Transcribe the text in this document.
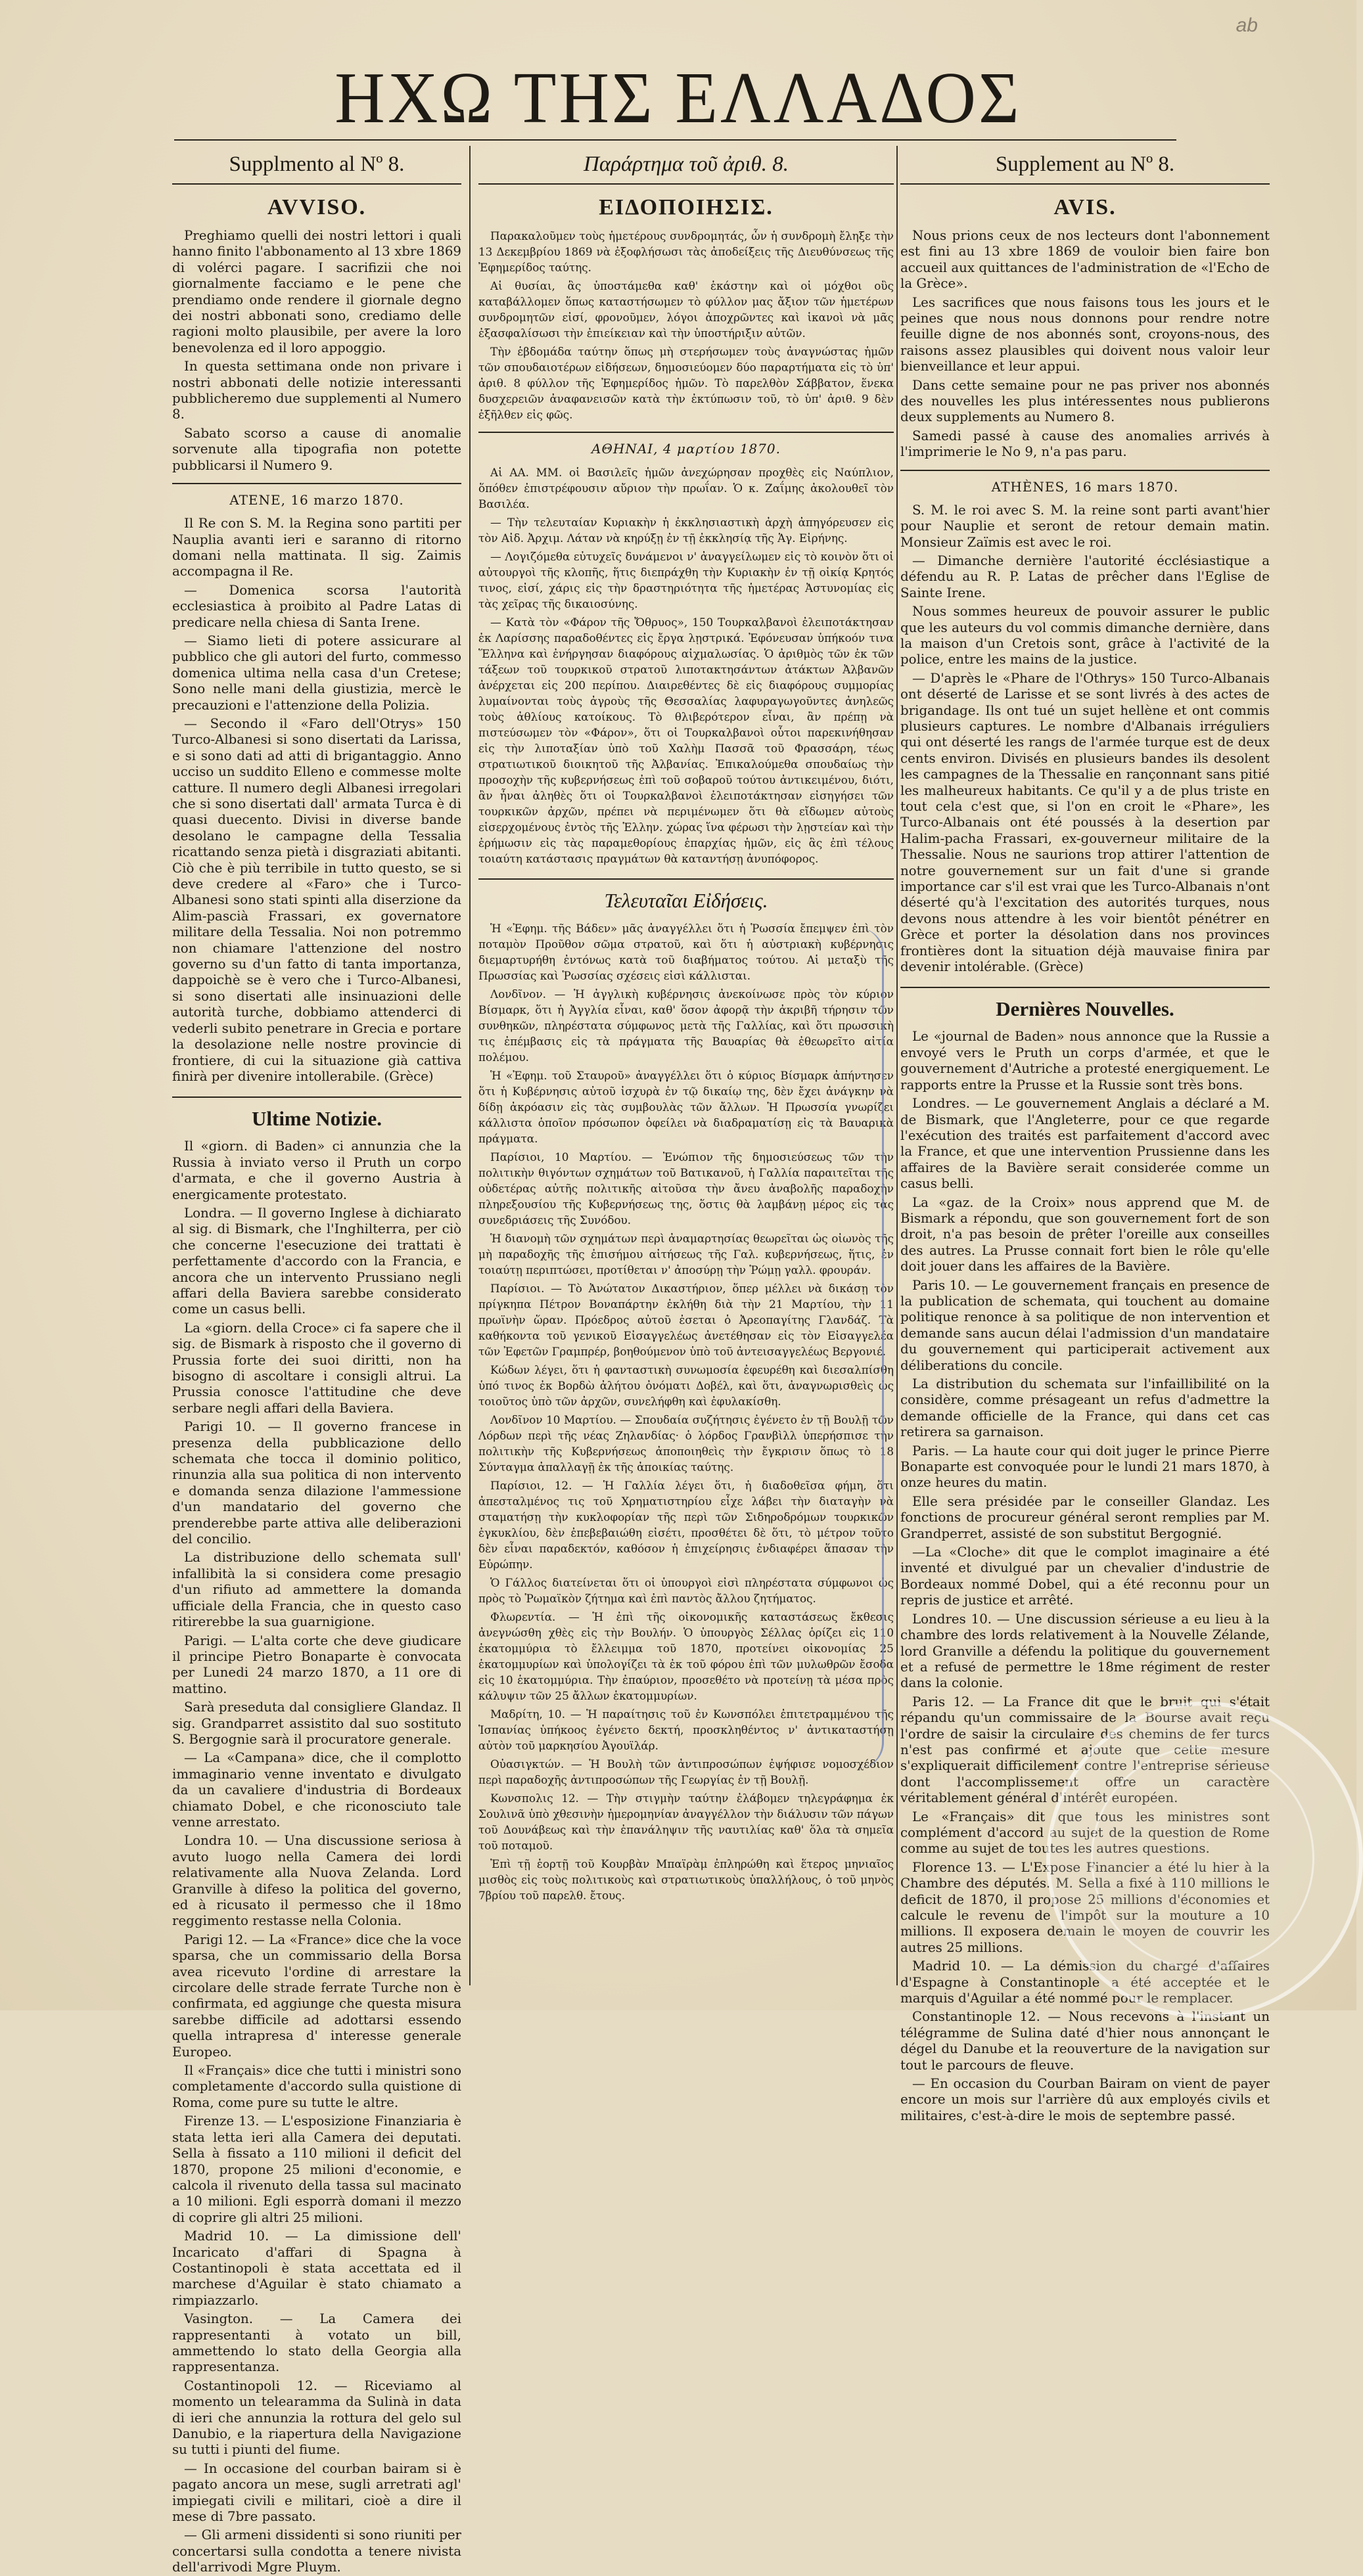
ab
ΗΧΩ ΤΗΣ ΕΛΛΑΔΟΣ
Supplmento al Nº 8.
AVVISO.

Preghiamo quelli dei nostri lettori i quali hanno finito l'abbonamento al 13 xbre 1869 di volérci pagare. I sacrifizii che noi giornalmente facciamo e le pene che prendiamo onde rendere il giornale degno dei nostri abbonati sono, crediamo delle ragioni molto plausibile, per avere la loro benevolenza ed il loro appoggio.

In questa settimana onde non privare i nostri abbonati delle notizie interessanti pubblicheremo due supplementi al Numero 8.

Sabato scorso a cause di anomalie sorvenute alla tipografia non potette pubblicarsi il Numero 9.

ATENE, 16 marzo 1870.

Il Re con S. M. la Regina sono partiti per Nauplia avanti ieri e saranno di ritorno domani nella mattinata. Il sig. Zaimis accompagna il Re.

— Domenica scorsa l'autorità ecclesiastica à proibito al Padre Latas di predicare nella chiesa di Santa Irene.

— Siamo lieti di potere assicurare al pubblico che gli autori del furto, commesso domenica ultima nella casa d'un Cretese; Sono nelle mani della giustizia, mercè le precauzioni e l'attenzione della Polizia.

— Secondo il «Faro dell'Otrys» 150 Turco-Albanesi si sono disertati da Larissa, e si sono dati ad atti di brigantaggio. Anno ucciso un suddito Elleno e commesse molte catture. Il numero degli Albanesi irregolari che si sono disertati dall' armata Turca è di quasi duecento. Divisi in diverse bande desolano le campagne della Tessalia ricattando senza pietà i disgraziati abitanti. Ciò che è più terribile in tutto questo, se si deve credere al «Faro» che i Turco-Albanesi sono stati spinti alla diserzione da Alim-pascià Frassari, ex governatore militare della Tessalia. Noi non potremmo non chiamare l'attenzione del nostro governo su d'un fatto di tanta importanza, dappoichè se è vero che i Turco-Albanesi, si sono disertati alle insinuazioni delle autorità turche, dobbiamo attenderci di vederli subito penetrare in Grecia e portare la desolazione nelle nostre provincie di frontiere, di cui la situazione già cattiva finirà per divenire intollerabile. (Grèce)

Ultime Notizie.

Il «giorn. di Baden» ci annunzia che la Russia à inviato verso il Pruth un corpo d'armata, e che il governo Austria à energicamente protestato.

Londra. — Il governo Inglese à dichiarato al sig. di Bismark, che l'Inghilterra, per ciò che concerne l'esecuzione dei trattati è perfettamente d'accordo con la Francia, e ancora che un intervento Prussiano negli affari della Baviera sarebbe considerato come un casus belli.

La «giorn. della Croce» ci fa sapere che il sig. de Bismark à risposto che il governo di Prussia forte dei suoi diritti, non ha bisogno di ascoltare i consigli altrui. La Prussia conosce l'attitudine che deve serbare negli affari della Baviera.

Parigi 10. — Il governo francese in presenza della pubblicazione dello schemata che tocca il dominio politico, rinunzia alla sua politica di non intervento e domanda senza dilazione l'ammessione d'un mandatario del governo che prenderebbe parte attiva alle deliberazioni del concilio.

La distribuzione dello schemata sull' infallibità la si considera come presagio d'un rifiuto ad ammettere la domanda ufficiale della Francia, che in questo caso ritirerebbe la sua guarnigione.

Parigi. — L'alta corte che deve giudicare il principe Pietro Bonaparte è convocata per Lunedi 24 marzo 1870, a 11 ore di mattino.

Sarà preseduta dal consigliere Glandaz. Il sig. Grandparret assistito dal suo sostituto S. Bergognie sarà il procuratore generale.

— La «Campana» dice, che il complotto immaginario venne inventato e divulgato da un cavaliere d'industria di Bordeaux chiamato Dobel, e che riconosciuto tale venne arrestato.

Londra 10. — Una discussione seriosa à avuto luogo nella Camera dei lordi relativamente alla Nuova Zelanda. Lord Granville à difeso la politica del governo, ed à ricusato il permesso che il 18mo reggimento restasse nella Colonia.

Parigi 12. — La «France» dice che la voce sparsa, che un commissario della Borsa avea ricevuto l'ordine di arrestare la circolare delle strade ferrate Turche non è confirmata, ed aggiunge che questa misura sarebbe difficile ad adottarsi essendo quella intrapresa d' interesse generale Europeo.

Il «Français» dice che tutti i ministri sono completamente d'accordo sulla quistione di Roma, come pure su tutte le altre.

Firenze 13. — L'esposizione Finanziaria è stata letta ieri alla Camera dei deputati. Sella à fissato a 110 milioni il deficit del 1870, propone 25 milioni d'economie, e calcola il rivenuto della tassa sul macinato a 10 milioni. Egli esporrà domani il mezzo di coprire gli altri 25 milioni.

Madrid 10. — La dimissione dell' Incaricato d'affari di Spagna à Costantinopoli è stata accettata ed il marchese d'Aguilar è stato chiamato a rimpiazzarlo.

Vasington. — La Camera dei rappresentanti à votato un bill, ammettendo lo stato della Georgia alla rappresentanza.

Costantinopoli 12. — Riceviamo al momento un telearamma da Sulinà in data di ieri che annunzia la rottura del gelo sul Danubio, e la riapertura della Navigazione su tutti i piunti del fiume.

— In occasione del courban bairam si è pagato ancora un mese, sugli arretrati agl' impiegati civili e militari, cioè a dire il mese di 7bre passato.

— Gli armeni dissidenti si sono riuniti per concertarsi sulla condotta a tenere nivista dell'arrivodi Mgre Pluym.

Παράρτημα τοῦ ἀριθ. 8.
ΕΙΔΟΠΟΙΗΣΙΣ.

Παρακαλοῦμεν τοὺς ἡμετέρους συνδρομητάς, ὧν ἡ συνδρομὴ ἔληξε τὴν 13 Δεκεμβρίου 1869 νὰ ἐξοφλήσωσι τὰς ἀποδείξεις τῆς Διευθύνσεως τῆς Ἐφημερίδος ταύτης.

Αἱ θυσίαι, ἃς ὑποστάμεθα καθ' ἑκάστην καὶ οἱ μόχθοι οὓς καταβάλλομεν ὅπως καταστήσωμεν τὸ φύλλον μας ἄξιον τῶν ἡμετέρων συνδρομητῶν εἰσί, φρονοῦμεν, λόγοι ἀποχρῶντες καὶ ἱκανοὶ νὰ μᾶς ἐξασφαλίσωσι τὴν ἐπιείκειαν καὶ τὴν ὑποστήριξιν αὐτῶν.

Τὴν ἑβδομάδα ταύτην ὅπως μὴ στερήσωμεν τοὺς ἀναγνώστας ἡμῶν τῶν σπουδαιοτέρων εἰδήσεων, δημοσιεύομεν δύο παραρτήματα εἰς τὸ ὑπ' ἀριθ. 8 φύλλον τῆς Ἐφημερίδος ἡμῶν. Τὸ παρελθὸν Σάββατον, ἕνεκα δυσχερειῶν ἀναφανεισῶν κατὰ τὴν ἐκτύπωσιν τοῦ, τὸ ὑπ' ἀριθ. 9 δὲν ἐξῆλθεν εἰς φῶς.

ΑΘΗΝΑΙ, 4 μαρτίου 1870.

Αἱ ΑΑ. ΜΜ. οἱ Βασιλεῖς ἡμῶν ἀνεχώρησαν προχθὲς εἰς Ναύπλιον, ὅπόθεν ἐπιστρέφουσιν αὔριον τὴν πρωΐαν. Ὁ κ. Ζαΐμης ἀκολουθεῖ τὸν Βασιλέα.

— Τὴν τελευταίαν Κυριακὴν ἡ ἐκκλησιαστικὴ ἀρχὴ ἀπηγόρευσεν εἰς τὸν Αἰδ. Ἀρχιμ. Λάταν νὰ κηρύξῃ ἐν τῇ ἐκκλησίᾳ τῆς Ἁγ. Εἰρήνης.

— Λογιζόμεθα εὐτυχεῖς δυνάμενοι ν' ἀναγγείλωμεν εἰς τὸ κοινὸν ὅτι οἱ αὐτουργοὶ τῆς κλοπῆς, ἥτις διεπράχθη τὴν Κυριακὴν ἐν τῇ οἰκίᾳ Κρητός τινος, εἰσί, χάρις εἰς τὴν δραστηριότητα τῆς ἡμετέρας Ἀστυνομίας εἰς τὰς χεῖρας τῆς δικαιοσύνης.

— Κατὰ τὸν «Φάρον τῆς Ὄθρυος», 150 Τουρκαλβανοὶ ἐλειποτάκτησαν ἐκ Λαρίσσης παραδοθέντες εἰς ἔργα λῃστρικά. Ἐφόνευσαν ὑπήκοόν τινα Ἕλληνα καὶ ἐνήργησαν διαφόρους αἰχμαλωσίας. Ὁ ἀριθμὸς τῶν ἐκ τῶν τάξεων τοῦ τουρκικοῦ στρατοῦ λιποτακτησάντων ἀτάκτων Ἀλβανῶν ἀνέρχεται εἰς 200 περίπου. Διαιρεθέντες δὲ εἰς διαφόρους συμμορίας λυμαίνονται τοὺς ἀγροὺς τῆς Θεσσαλίας λαφυραγωγοῦντες ἀνηλεῶς τοὺς ἀθλίους κατοίκους. Τὸ θλιβερότερον εἶναι, ἂν πρέπῃ νὰ πιστεύσωμεν τὸν «Φάρον», ὅτι οἱ Τουρκαλβανοὶ οὗτοι παρεκινήθησαν εἰς τὴν λιποταξίαν ὑπὸ τοῦ Χαλὴμ Πασσᾶ τοῦ Φρασσάρη, τέως στρατιωτικοῦ διοικητοῦ τῆς Ἀλβανίας. Ἐπικαλούμεθα σπουδαίως τὴν προσοχὴν τῆς κυβερνήσεως ἐπὶ τοῦ σοβαροῦ τούτου ἀντικειμένου, διότι, ἂν ἦναι ἀληθὲς ὅτι οἱ Τουρκαλβανοὶ ἐλειποτάκτησαν εἰσηγήσει τῶν τουρκικῶν ἀρχῶν, πρέπει νὰ περιμένωμεν ὅτι θὰ εἴδωμεν αὐτοὺς εἰσερχομένους ἐντὸς τῆς Ἑλλην. χώρας ἵνα φέρωσι τὴν λῃστείαν καὶ τὴν ἐρήμωσιν εἰς τὰς παραμεθορίους ἐπαρχίας ἡμῶν, εἰς ἃς ἐπὶ τέλους τοιαύτη κατάστασις πραγμάτων θὰ καταντήσῃ ἀνυπόφορος.

Τελευταῖαι Εἰδήσεις.

Ἡ «Ἐφημ. τῆς Βάδεν» μᾶς ἀναγγέλλει ὅτι ἡ Ῥωσσία ἔπεμψεν ἐπὶ τὸν ποταμὸν Προῦθον σῶμα στρατοῦ, καὶ ὅτι ἡ αὐστριακὴ κυβέρνησις διεμαρτυρήθη ἐντόνως κατὰ τοῦ διαβήματος τούτου. Αἱ μεταξὺ τῆς Πρωσσίας καὶ Ῥωσσίας σχέσεις εἰσὶ κάλλισται.

Λονδῖνον. — Ἡ ἀγγλικὴ κυβέρνησις ἀνεκοίνωσε πρὸς τὸν κύριον Βίσμαρκ, ὅτι ἡ Ἀγγλία εἶναι, καθ' ὅσον ἀφορᾷ τὴν ἀκριβῆ τήρησιν τῶν συνθηκῶν, πληρέστατα σύμφωνος μετὰ τῆς Γαλλίας, καὶ ὅτι πρωσσικὴ τις ἐπέμβασις εἰς τὰ πράγματα τῆς Βαυαρίας θὰ ἐθεωρεῖτο αἰτία πολέμου.

Ἡ «Ἐφημ. τοῦ Σταυροῦ» ἀναγγέλλει ὅτι ὁ κύριος Βίσμαρκ ἀπήντησεν ὅτι ἡ Κυβέρνησις αὐτοῦ ἰσχυρὰ ἐν τῷ δικαίῳ της, δὲν ἔχει ἀνάγκην νὰ δίδῃ ἀκρόασιν εἰς τὰς συμβουλὰς τῶν ἄλλων. Ἡ Πρωσσία γνωρίζει κάλλιστα ὁποῖον πρόσωπον ὀφείλει νὰ διαδραματίσῃ εἰς τὰ Βαυαρικὰ πράγματα.

Παρίσιοι, 10 Μαρτίου. — Ἐνώπιον τῆς δημοσιεύσεως τῶν τὴν πολιτικὴν θιγόντων σχημάτων τοῦ Βατικανοῦ, ἡ Γαλλία παραιτεῖται τῆς οὐδετέρας αὐτῆς πολιτικῆς αἰτοῦσα τὴν ἄνευ ἀναβολῆς παραδοχὴν πληρεξουσίου τῆς Κυβερνήσεως της, ὅστις θὰ λαμβάνῃ μέρος εἰς τὰς συνεδριάσεις τῆς Συνόδου.

Ἡ διανομὴ τῶν σχημάτων περὶ ἀναμαρτησίας θεωρεῖται ὡς οἰωνὸς τῆς μὴ παραδοχῆς τῆς ἐπισήμου αἰτήσεως τῆς Γαλ. κυβερνήσεως, ἥτις, ἐν τοιαύτῃ περιπτώσει, προτίθεται ν' ἀποσύρῃ τὴν Ῥώμῃ γαλλ. φρουράν.

Παρίσιοι. — Τὸ Ἀνώτατον Δικαστήριον, ὅπερ μέλλει νὰ δικάσῃ τὸν πρίγκηπα Πέτρον Βοναπάρτην ἐκλήθη διὰ τὴν 21 Μαρτίου, τὴν 11 πρωϊνὴν ὥραν. Πρόεδρος αὐτοῦ ἐσεται ὁ Ἀρεοπαγίτης Γλανδάζ. Τὰ καθήκοντα τοῦ γενικοῦ Εἰσαγγελέως ἀνετέθησαν εἰς τὸν Εἰσαγγελέα τῶν Ἐφετῶν Γραμπρέρ, βοηθούμενον ὑπὸ τοῦ ἀντεισαγγελέως Βεργονιέ.

Κώδων λέγει, ὅτι ἡ φανταστικὴ συνωμοσία ἐφευρέθη καὶ διεσαλπίσθη ὑπό τινος ἐκ Βορδὼ ἀλήτου ὀνόματι Δοβέλ, καὶ ὅτι, ἀναγνωρισθεὶς ὡς τοιοῦτος ὑπὸ τῶν ἀρχῶν, συνελήφθη καὶ ἐφυλακίσθη.

Λονδῖνον 10 Μαρτίου. — Σπουδαία συζήτησις ἐγένετο ἐν τῇ Βουλῇ τῶν Λόρδων περὶ τῆς νέας Ζηλανδίας· ὁ λόρδος Γρανβὶλλ ὑπερήσπισε τὴν πολιτικὴν τῆς Κυβερνήσεως ἀποποιηθεὶς τὴν ἔγκρισιν ὅπως τὸ 18 Σύνταγμα ἀπαλλαγῇ ἐκ τῆς ἀποικίας ταύτης.

Παρίσιοι, 12. — Ἡ Γαλλία λέγει ὅτι, ἡ διαδοθεῖσα φήμη, ὅτι ἀπεσταλμένος τις τοῦ Χρηματιστηρίου εἶχε λάβει τὴν διαταγὴν νὰ σταματήσῃ τὴν κυκλοφορίαν τῆς περὶ τῶν Σιδηροδρόμων τουρκικῶν ἐγκυκλίου, δὲν ἐπεβεβαιώθη εἰσέτι, προσθέτει δὲ ὅτι, τὸ μέτρον τοῦτο δὲν εἶναι παραδεκτόν, καθόσον ἡ ἐπιχείρησις ἐνδιαφέρει ἅπασαν τὴν Εὐρώπην.

Ὁ Γάλλος διατείνεται ὅτι οἱ ὑπουργοὶ εἰσὶ πληρέστατα σύμφωνοι ὡς πρὸς τὸ Ῥωμαϊκὸν ζήτημα καὶ ἐπὶ παντὸς ἄλλου ζητήματος.

Φλωρεντία. — Ἡ ἐπὶ τῆς οἰκονομικῆς καταστάσεως ἔκθεσις ἀνεγνώσθη χθὲς εἰς τὴν Βουλήν. Ὁ ὑπουργὸς Σέλλας ὁρίζει εἰς 110 ἑκατομμύρια τὸ ἔλλειμμα τοῦ 1870, προτείνει οἰκονομίας 25 ἑκατομμυρίων καὶ ὑπολογίζει τὰ ἐκ τοῦ φόρου ἐπὶ τῶν μυλωθρῶν ἔσοδα εἰς 10 ἑκατομμύρια. Τὴν ἐπαύριον, προσεθέτο νὰ προτείνῃ τὰ μέσα πρὸς κάλυψιν τῶν 25 ἄλλων ἑκατομμυρίων.

Μαδρίτη, 10. — Ἡ παραίτησις τοῦ ἐν Κωνσπόλει ἐπιτετραμμένου τῆς Ἱσπανίας ὑπήκοος ἐγένετο δεκτή, προσκληθέντος ν' ἀντικαταστήσῃ αὐτὸν τοῦ μαρκησίου Ἀγουϊλάρ.

Οὐασιγκτών. — Ἡ Βουλὴ τῶν ἀντιπροσώπων ἐψήφισε νομοσχέδιον περὶ παραδοχῆς ἀντιπροσώπων τῆς Γεωργίας ἐν τῇ Βουλῇ.

Κωνσπολις 12. — Τὴν στιγμὴν ταύτην ἐλάβομεν τηλεγράφημα ἐκ Σουλινᾶ ὑπὸ χθεσινὴν ἡμερομηνίαν ἀναγγέλλον τὴν διάλυσιν τῶν πάγων τοῦ Δουνάβεως καὶ τὴν ἐπανάληψιν τῆς ναυτιλίας καθ' ὅλα τὰ σημεῖα τοῦ ποταμοῦ.

Ἐπὶ τῇ ἑορτῇ τοῦ Κουρβὰν Μπαϊρὰμ ἐπληρώθη καὶ ἕτερος μηνιαῖος μισθὸς εἰς τοὺς πολιτικοὺς καὶ στρατιωτικοὺς ὑπαλλήλους, ὁ τοῦ μηνὸς 7βρίου τοῦ παρελθ. ἔτους.

Supplement au Nº 8.
AVIS.

Nous prions ceux de nos lecteurs dont l'abonnement est fini au 13 xbre 1869 de vouloir bien faire bon accueil aux quittances de l'administration de «l'Echo de la Grèce».

Les sacrifices que nous faisons tous les jours et le peines que nous nous donnons pour rendre notre feuille digne de nos abonnés sont, croyons-nous, des raisons assez plausibles qui doivent nous valoir leur bienveillance et leur appui.

Dans cette semaine pour ne pas priver nos abonnés des nouvelles les plus intéressentes nous publierons deux supplements au Numero 8.

Samedi passé à cause des anomalies arrivés à l'imprimerie le No 9, n'a pas paru.

ATHÈNES, 16 mars 1870.

S. M. le roi avec S. M. la reine sont parti avant'hier pour Nauplie et seront de retour demain matin. Monsieur Zaïmis est avec le roi.

— Dimanche dernière l'autorité écclésiastique a défendu au R. P. Latas de prêcher dans l'Eglise de Sainte Irene.

Nous sommes heureux de pouvoir assurer le public que les auteurs du vol commis dimanche dernière, dans la maison d'un Cretois sont, grâce à l'activité de la police, entre les mains de la justice.

— D'après le «Phare de l'Othrys» 150 Turco-Albanais ont déserté de Larisse et se sont livrés à des actes de brigandage. Ils ont tué un sujet hellène et ont commis plusieurs captures. Le nombre d'Albanais irréguliers qui ont déserté les rangs de l'armée turque est de deux cents environ. Divisés en plusieurs bandes ils desolent les campagnes de la Thessalie en rançonnant sans pitié les malheureux habitants. Ce qu'il y a de plus triste en tout cela c'est que, si l'on en croit le «Phare», les Turco-Albanais ont été poussés à la desertion par Halim-pacha Frassari, ex-gouverneur militaire de la Thessalie. Nous ne saurions trop attirer l'attention de notre gouvernement sur un fait d'une si grande importance car s'il est vrai que les Turco-Albanais n'ont déserté qu'à l'excitation des autorités turques, nous devons nous attendre à les voir bientôt pénétrer en Grèce et porter la désolation dans nos provinces frontières dont la situation déjà mauvaise finira par devenir intolérable. (Grèce)

Dernières Nouvelles.

Le «journal de Baden» nous annonce que la Russie a envoyé vers le Pruth un corps d'armée, et que le gouvernement d'Autriche a protesté energiquement. Le rapports entre la Prusse et la Russie sont très bons.

Londres. — Le gouvernement Anglais a déclaré a M. de Bismark, que l'Angleterre, pour ce que regarde l'exécution des traités est parfaitement d'accord avec la France, et que une intervention Prussienne dans les affaires de la Bavière serait considerée comme un casus belli.

La «gaz. de la Croix» nous apprend que M. de Bismark a répondu, que son gouvernement fort de son droit, n'a pas besoin de prêter l'oreille aux conseilles des autres. La Prusse connait fort bien le rôle qu'elle doit jouer dans les affaires de la Bavière.

Paris 10. — Le gouvernement français en presence de la publication de schemata, qui touchent au domaine politique renonce à sa politique de non intervention et demande sans aucun délai l'admission d'un mandataire du gouvernement qui participerait activement aux déliberations du concile.

La distribution du schemata sur l'infaillibilité on la considère, comme présageant un refus d'admettre la demande officielle de la France, qui dans cet cas retirera sa garnaison.

Paris. — La haute cour qui doit juger le prince Pierre Bonaparte est convoquée pour le lundi 21 mars 1870, à onze heures du matin.

Elle sera présidée par le conseiller Glandaz. Les fonctions de procureur général seront remplies par M. Grandperret, assisté de son substitut Bergognié.

—La «Cloche» dit que le complot imaginaire a été inventé et divulgué par un chevalier d'industrie de Bordeaux nommé Dobel, qui a été reconnu pour un repris de justice et arrêté.

Londres 10. — Une discussion sérieuse a eu lieu à la chambre des lords relativement à la Nouvelle Zélande, lord Granville a défendu la politique du gouvernement et a refusé de permettre le 18me régiment de rester dans la colonie.

Paris 12. — La France dit que le bruit qui s'était répandu qu'un commissaire de la Bourse avait reçu l'ordre de saisir la circulaire des chemins de fer turcs n'est pas confirmé et ajoute que cette mesure s'expliquerait difficilement contre l'entreprise sérieuse dont l'accomplissement offre un caractère véritablement général d'intérêt européen.

Le «Français» dit que tous les ministres sont complément d'accord au sujet de la question de Rome comme au sujet de toutes les autres questions.

Florence 13. — L'Expose Financier a été lu hier à la Chambre des députés. M. Sella a fixé à 110 millions le deficit de 1870, il propose 25 millions d'économies et calcule le revenu de l'impôt sur la mouture a 10 millions. Il exposera demain le moyen de couvrir les autres 25 millions.

Madrid 10. — La démission du chargé d'affaires d'Espagne à Constantinople a été acceptée et le marquis d'Aguilar a été nommé pour le remplacer.

Constantinople 12. — Nous recevons à l'instant un télégramme de Sulina daté d'hier nous annonçant le dégel du Danube et la reouverture de la navigation sur tout le parcours de fleuve.

— En occasion du Courban Bairam on vient de payer encore un mois sur l'arrière dû aux employés civils et militaires, c'est-à-dire le mois de septembre passé.
